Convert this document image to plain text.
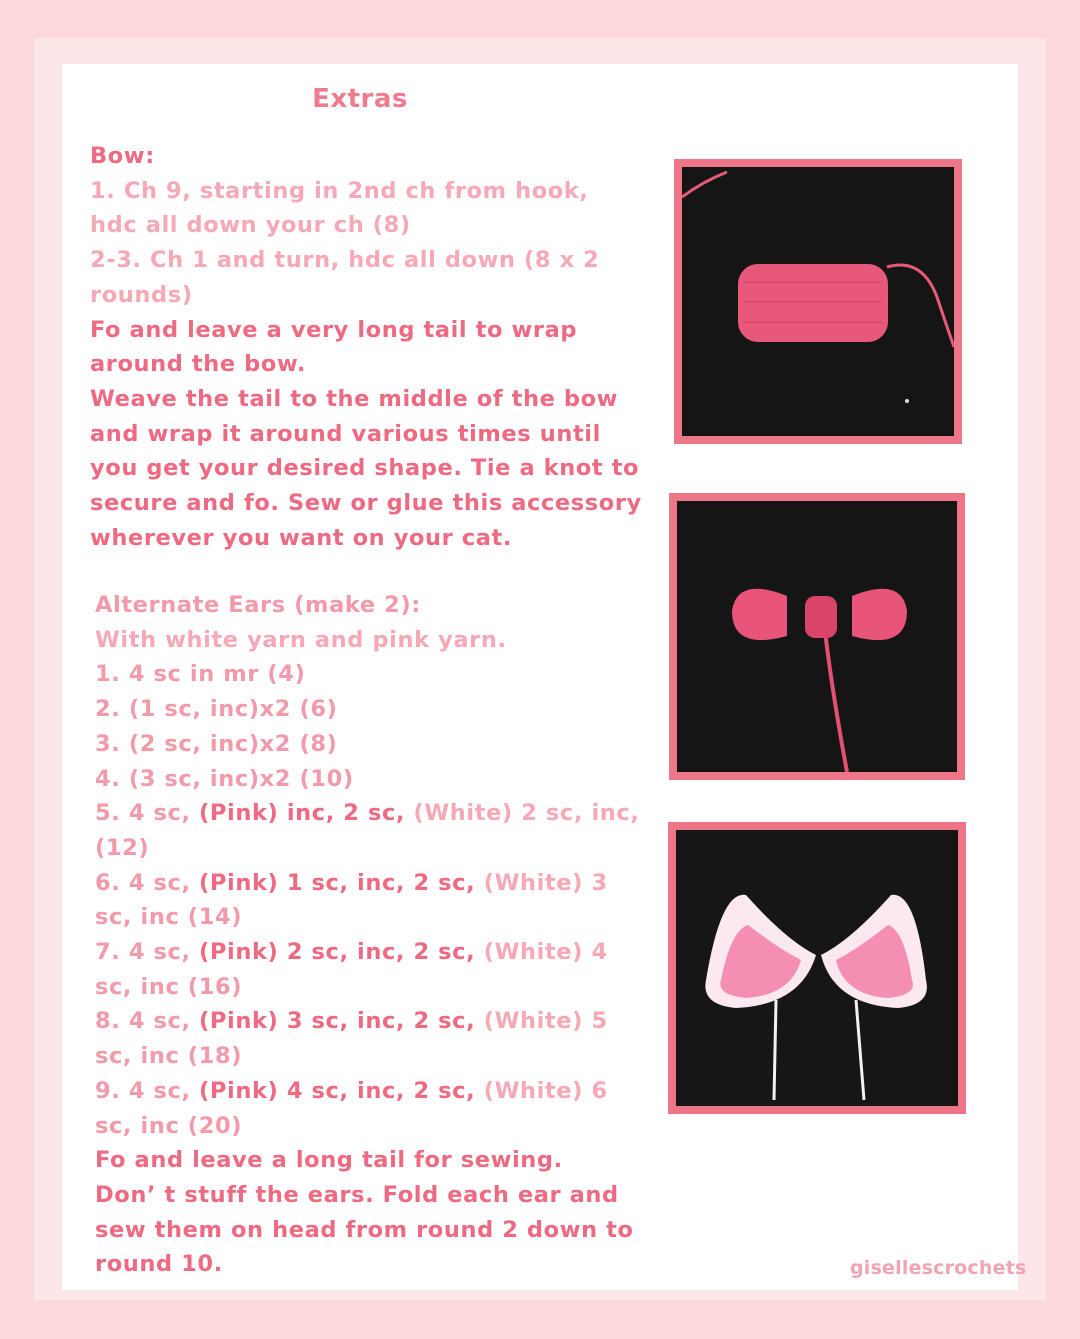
Extras
Bow:
1. Ch 9, starting in 2nd ch from hook,
hdc all down your ch (8)
2-3. Ch 1 and turn, hdc all down (8 x 2
rounds)
Fo and leave a very long tail to wrap
around the bow.
Weave the tail to the middle of the bow
and wrap it around various times until
you get your desired shape. Tie a knot to
secure and fo. Sew or glue this accessory
wherever you want on your cat.
Alternate Ears (make 2):
With white yarn and pink yarn.
1. 4 sc in mr (4)
2. (1 sc, inc)x2 (6)
3. (2 sc, inc)x2 (8)
4. (3 sc, inc)x2 (10)
5. 4 sc, (Pink) inc, 2 sc, (White) 2 sc, inc,
(12)
6. 4 sc, (Pink) 1 sc, inc, 2 sc, (White) 3
sc, inc (14)
7. 4 sc, (Pink) 2 sc, inc, 2 sc, (White) 4
sc, inc (16)
8. 4 sc, (Pink) 3 sc, inc, 2 sc, (White) 5
sc, inc (18)
9. 4 sc, (Pink) 4 sc, inc, 2 sc, (White) 6
sc, inc (20)
Fo and leave a long tail for sewing.
Don’ t stuff the ears. Fold each ear and
sew them on head from round 2 down to
round 10.	gisellescrochets
